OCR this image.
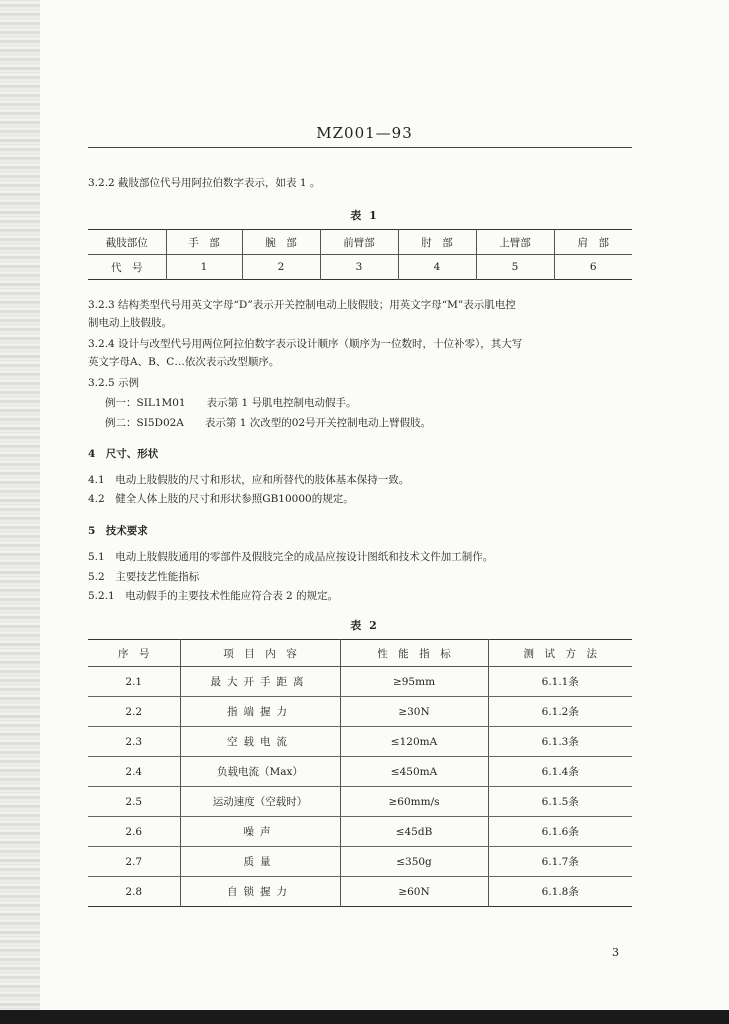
MZ001—93
3.2.2 截肢部位代号用阿拉伯数字表示，如表 1 。
表 1
截肢部位	手　部	腕　部	前臂部	肘　部	上臂部	肩　部
代　号	1	2	3	4	5	6
3.2.3 结构类型代号用英文字母“D”表示开关控制电动上肢假肢；用英文字母“M”表示肌电控
制电动上肢假肢。
3.2.4 设计与改型代号用两位阿拉伯数字表示设计顺序（顺序为一位数时，十位补零），其大写
英文字母A、B、C…依次表示改型顺序。
3.2.5 示例
例一：SIL1M01　　表示第 1 号肌电控制电动假手。
例二：SI5D02A　　表示第 1 次改型的02号开关控制电动上臂假肢。
4　尺寸、形状
4.1　电动上肢假肢的尺寸和形状，应和所替代的肢体基本保持一致。
4.2　健全人体上肢的尺寸和形状参照GB10000的规定。
5　技术要求
5.1　电动上肢假肢通用的零部件及假肢完全的成品应按设计图纸和技术文件加工制作。
5.2　主要技艺性能指标
5.2.1　电动假手的主要技术性能应符合表 2 的规定。
表 2
序　号	项　目　内　容	性　能　指　标	测　试　方　法
2.1	最大开手距离	≥95mm	6.1.1条
2.2	指端握力	≥30N	6.1.2条
2.3	空载电流	≤120mA	6.1.3条
2.4	负载电流（Max）	≤450mA	6.1.4条
2.5	运动速度（空载时）	≥60mm/s	6.1.5条
2.6	噪声	≤45dB	6.1.6条
2.7	质量	≤350g	6.1.7条
2.8	自锁握力	≥60N	6.1.8条
3
